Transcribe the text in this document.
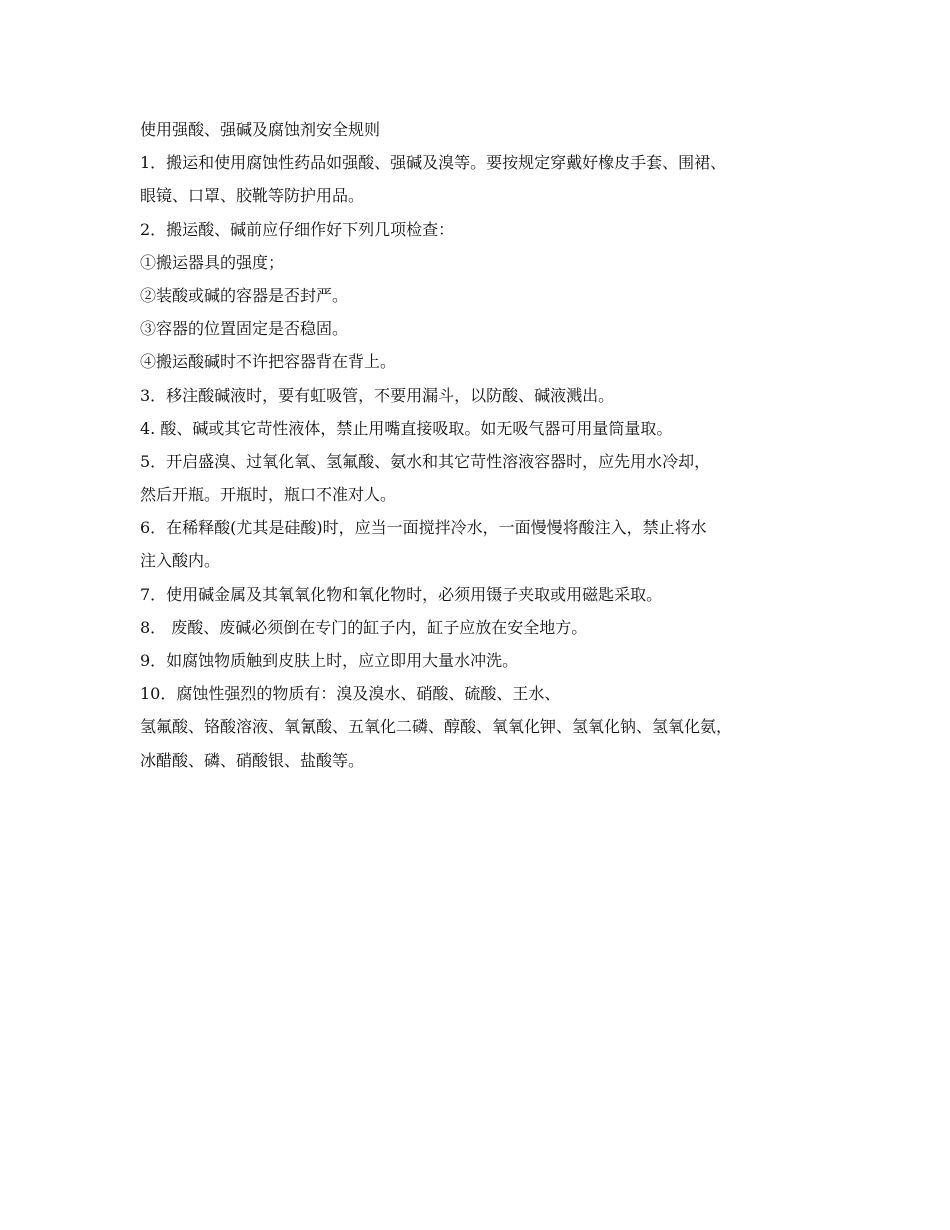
使用强酸、强碱及腐蚀剂安全规则
1．搬运和使用腐蚀性药品如强酸、强碱及溴等。要按规定穿戴好橡皮手套、围裙、
眼镜、口罩、胶靴等防护用品。
2．搬运酸、碱前应仔细作好下列几项检查：
①搬运器具的强度；
②装酸或碱的容器是否封严。
③容器的位置固定是否稳固。
④搬运酸碱时不许把容器背在背上。
3．移注酸碱液时，要有虹吸管，不要用漏斗，以防酸、碱液溅出。
4. 酸、碱或其它苛性液体，禁止用嘴直接吸取。如无吸气器可用量筒量取。
5．开启盛溴、过氧化氧、氢氟酸、氨水和其它苛性溶液容器时，应先用水冷却，
然后开瓶。开瓶时，瓶口不准对人。
6．在稀释酸(尤其是硅酸)时，应当一面搅拌冷水，一面慢慢将酸注入，禁止将水
注入酸内。
7．使用碱金属及其氧氧化物和氧化物时，必须用镊子夹取或用磁匙采取。
8． 废酸、废碱必须倒在专门的缸子内，缸子应放在安全地方。
9．如腐蚀物质触到皮肤上时，应立即用大量水冲洗。
10．腐蚀性强烈的物质有：溴及溴水、硝酸、硫酸、王水、
氢氟酸、铬酸溶液、氧氰酸、五氧化二磷、醇酸、氧氧化钾、氢氧化钠、氢氧化氨，
冰醋酸、磷、硝酸银、盐酸等。
